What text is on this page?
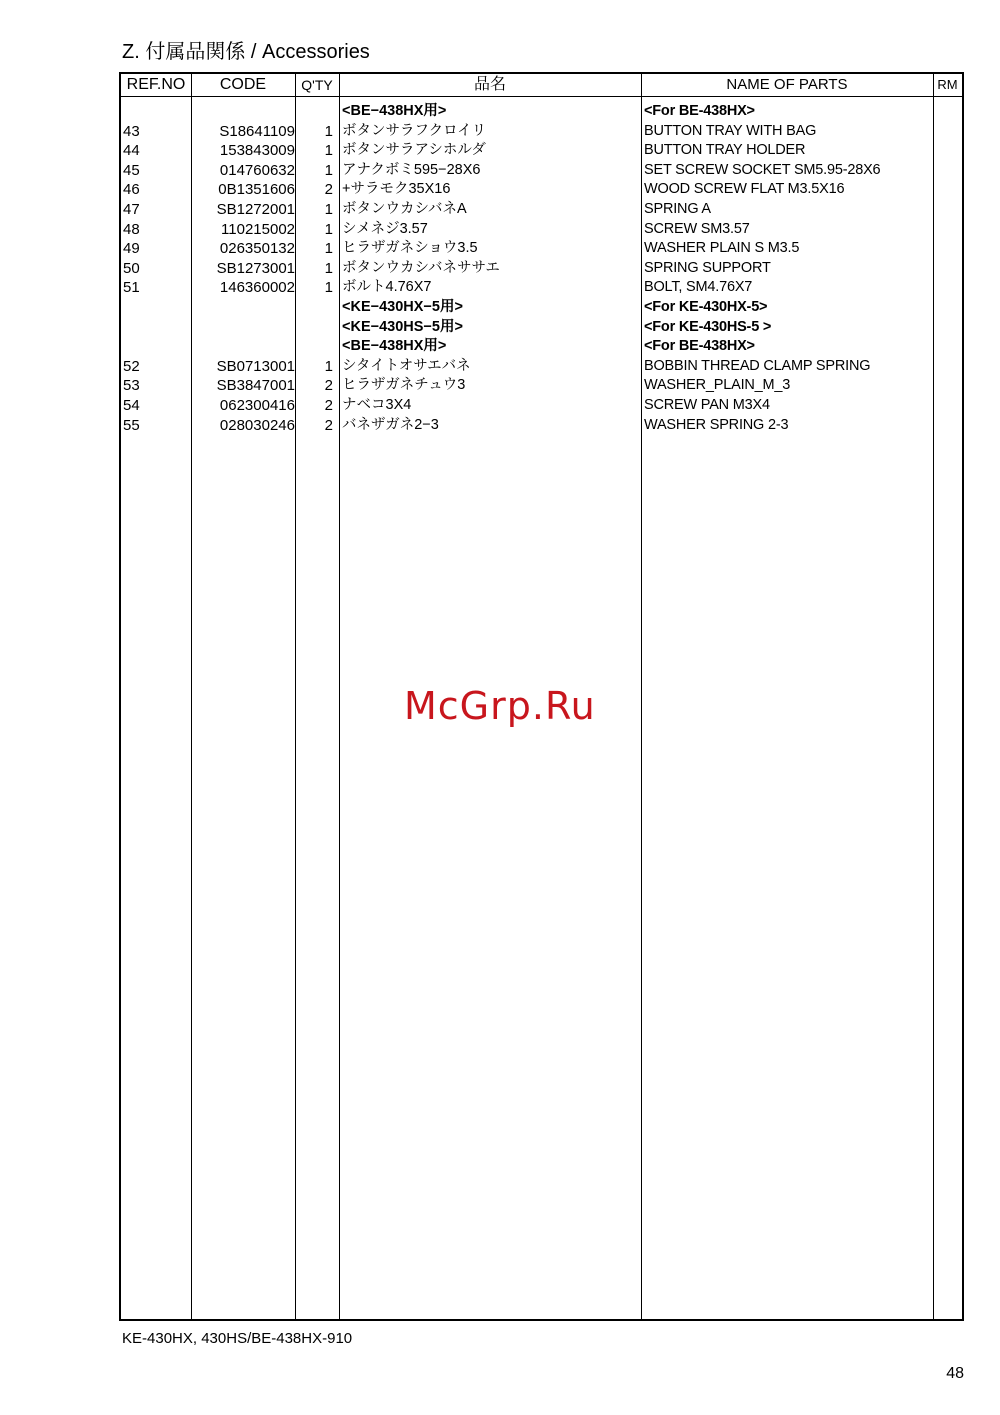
Z. 付属品関係 / Accessories
REF.NO	CODE	Q'TY	品名	NAME OF PARTS	RM
<BE−438HX用>	<For BE-438HX>
43	S18641109	1 ボタンサラフクロイリ	BUTTON TRAY WITH BAG
44	153843009	1 ボタンサラアシホルダ	BUTTON TRAY HOLDER
45	014760632	1 アナクボミ595−28X6	SET SCREW SOCKET SM5.95-28X6
46	0B1351606	2 +サラモク35X16	WOOD SCREW FLAT M3.5X16
47	SB1272001	1 ボタンウカシバネA	SPRING A
48	110215002	1 シメネジ3.57	SCREW SM3.57
49	026350132	1 ヒラザガネショウ3.5	WASHER PLAIN S M3.5
50	SB1273001	1 ボタンウカシバネササエ	SPRING SUPPORT
51	146360002	1 ボルト4.76X7	BOLT, SM4.76X7
<KE−430HX−5用>	<For KE-430HX-5>
<KE−430HS−5用>	<For KE-430HS-5 >
<BE−438HX用>	<For BE-438HX>
52	SB0713001	1 シタイトオサエバネ	BOBBIN THREAD CLAMP SPRING
53	SB3847001	2 ヒラザガネチュウ3	WASHER_PLAIN_M_3
54	062300416	2 ナベコ3X4	SCREW PAN M3X4
55	028030246	2 バネザガネ2−3	WASHER SPRING 2-3
McGrp.Ru
KE-430HX, 430HS/BE-438HX-910
48
